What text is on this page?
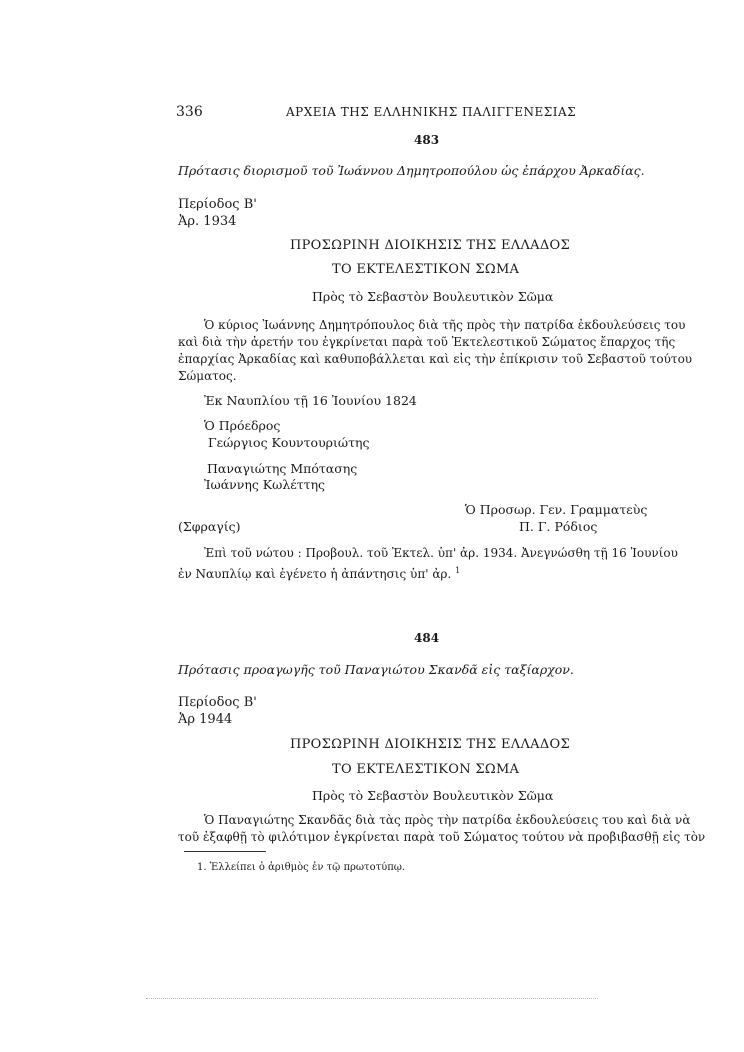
336	ΑΡΧΕΙΑ ΤΗΣ ΕΛΛΗΝΙΚΗΣ ΠΑΛΙΓΓΕΝΕΣΙΑΣ
483
Πρότασις διορισμοῦ τοῦ Ἰωάννου Δημητροπούλου ὡς ἐπάρχου Ἀρκαδίας.
Περίοδος Β'
Ἀρ. 1934
ΠΡΟΣΩΡΙΝΗ ΔΙΟΙΚΗΣΙΣ ΤΗΣ ΕΛΛΑΔΟΣ
ΤΟ ΕΚΤΕΛΕΣΤΙΚΟΝ ΣΩΜΑ
Πρὸς τὸ Σεβαστὸν Βουλευτικὸν Σῶμα
Ὁ κύριος Ἰωάννης Δημητρόπουλος διὰ τῆς πρὸς τὴν πατρίδα ἐκδουλεύσεις του
καὶ διὰ τὴν ἀρετήν του ἐγκρίνεται παρὰ τοῦ Ἐκτελεστικοῦ Σώματος ἔπαρχος τῆς
ἐπαρχίας Ἀρκαδίας καὶ καθυποβάλλεται καὶ εἰς τὴν ἐπίκρισιν τοῦ Σεβαστοῦ τούτου
Σώματος.
Ἐκ Ναυπλίου τῇ 16 Ἰουνίου 1824
Ὁ Πρόεδρος
Γεώργιος Κουντουριώτης
Παναγιώτης Μπότασης
Ἰωάννης Κωλέττης
Ὁ Προσωρ. Γεν. Γραμματεὺς
Π. Γ. Ρόδιος
(Σφραγίς)
Ἐπὶ τοῦ νώτου : Προβουλ. τοῦ Ἐκτελ. ὑπ' ἀρ. 1934. Ἀνεγνώσθη τῇ 16 Ἰουνίου
ἐν Ναυπλίῳ καὶ ἐγένετο ἡ ἀπάντησις ὑπ' ἀρ. $^1$
484
Πρότασις προαγωγῆς τοῦ Παναγιώτου Σκανδᾶ εἰς ταξίαρχον.
Περίοδος Β'
Ἀρ 1944
ΠΡΟΣΩΡΙΝΗ ΔΙΟΙΚΗΣΙΣ ΤΗΣ ΕΛΛΑΔΟΣ
ΤΟ ΕΚΤΕΛΕΣΤΙΚΟΝ ΣΩΜΑ
Πρὸς τὸ Σεβαστὸν Βουλευτικὸν Σῶμα
Ὁ Παναγιώτης Σκανδᾶς διὰ τὰς πρὸς τὴν πατρίδα ἐκδουλεύσεις του καὶ διὰ νὰ
τοῦ ἐξαφθῇ τὸ φιλότιμον ἐγκρίνεται παρὰ τοῦ Σώματος τούτου νὰ προβιβασθῇ εἰς τὸν
1. Ἐλλείπει ὁ ἀριθμὸς ἐν τῷ πρωτοτύπῳ.
